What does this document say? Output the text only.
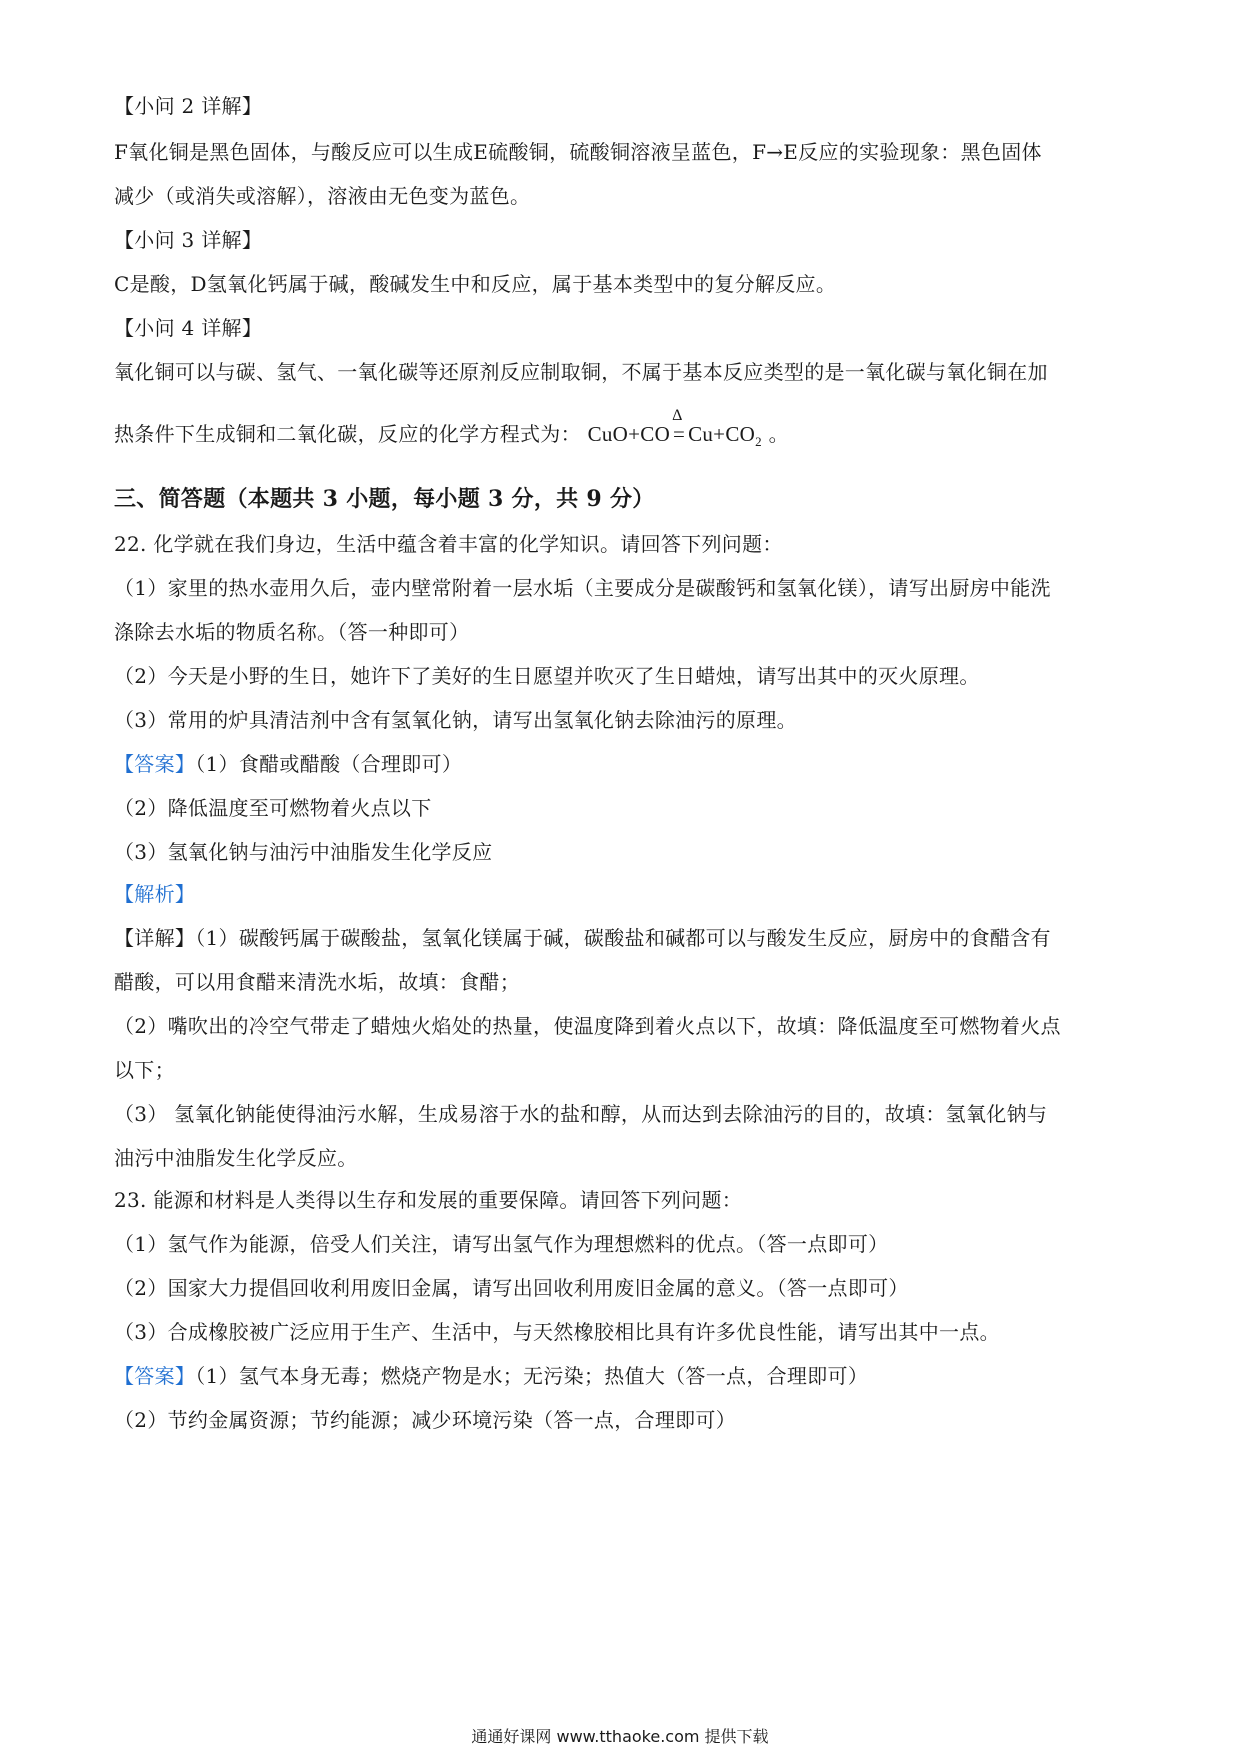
【小问 2 详解】
F氧化铜是黑色固体，与酸反应可以生成E硫酸铜，硫酸铜溶液呈蓝色，F→E反应的实验现象：黑色固体
减少（或消失或溶解），溶液由无色变为蓝色。
【小问 3 详解】
C是酸，D氢氧化钙属于碱，酸碱发生中和反应，属于基本类型中的复分解反应。
【小问 4 详解】
氧化铜可以与碳、氢气、一氧化碳等还原剂反应制取铜，不属于基本反应类型的是一氧化碳与氧化铜在加
热条件下生成铜和二氧化碳，反应的化学方程式为： CuO+CO
Δ
= $Cu+CO_2$ 。
三、简答题（本题共 3 小题，每小题 3 分，共 9 分）
22. 化学就在我们身边，生活中蕴含着丰富的化学知识。请回答下列问题：
（1）家里的热水壶用久后，壶内壁常附着一层水垢（主要成分是碳酸钙和氢氧化镁），请写出厨房中能洗
涤除去水垢的物质名称。（答一种即可）
（2）今天是小野的生日，她许下了美好的生日愿望并吹灭了生日蜡烛，请写出其中的灭火原理。
（3）常用的炉具清洁剂中含有氢氧化钠，请写出氢氧化钠去除油污的原理。
【答案】（1）食醋或醋酸（合理即可）
（2）降低温度至可燃物着火点以下
（3）氢氧化钠与油污中油脂发生化学反应
【解析】
【详解】（1）碳酸钙属于碳酸盐，氢氧化镁属于碱，碳酸盐和碱都可以与酸发生反应，厨房中的食醋含有
醋酸，可以用食醋来清洗水垢，故填：食醋；
（2）嘴吹出的冷空气带走了蜡烛火焰处的热量，使温度降到着火点以下，故填：降低温度至可燃物着火点
以下；
（3） 氢氧化钠能使得油污水解，生成易溶于水的盐和醇，从而达到去除油污的目的，故填：氢氧化钠与
油污中油脂发生化学反应。
23. 能源和材料是人类得以生存和发展的重要保障。请回答下列问题：
（1）氢气作为能源，倍受人们关注，请写出氢气作为理想燃料的优点。（答一点即可）
（2）国家大力提倡回收利用废旧金属，请写出回收利用废旧金属的意义。（答一点即可）
（3）合成橡胶被广泛应用于生产、生活中，与天然橡胶相比具有许多优良性能，请写出其中一点。
【答案】（1）氢气本身无毒；燃烧产物是水；无污染；热值大（答一点，合理即可）
（2）节约金属资源；节约能源；减少环境污染（答一点，合理即可）
通通好课网 www.tthaoke.com 提供下载
